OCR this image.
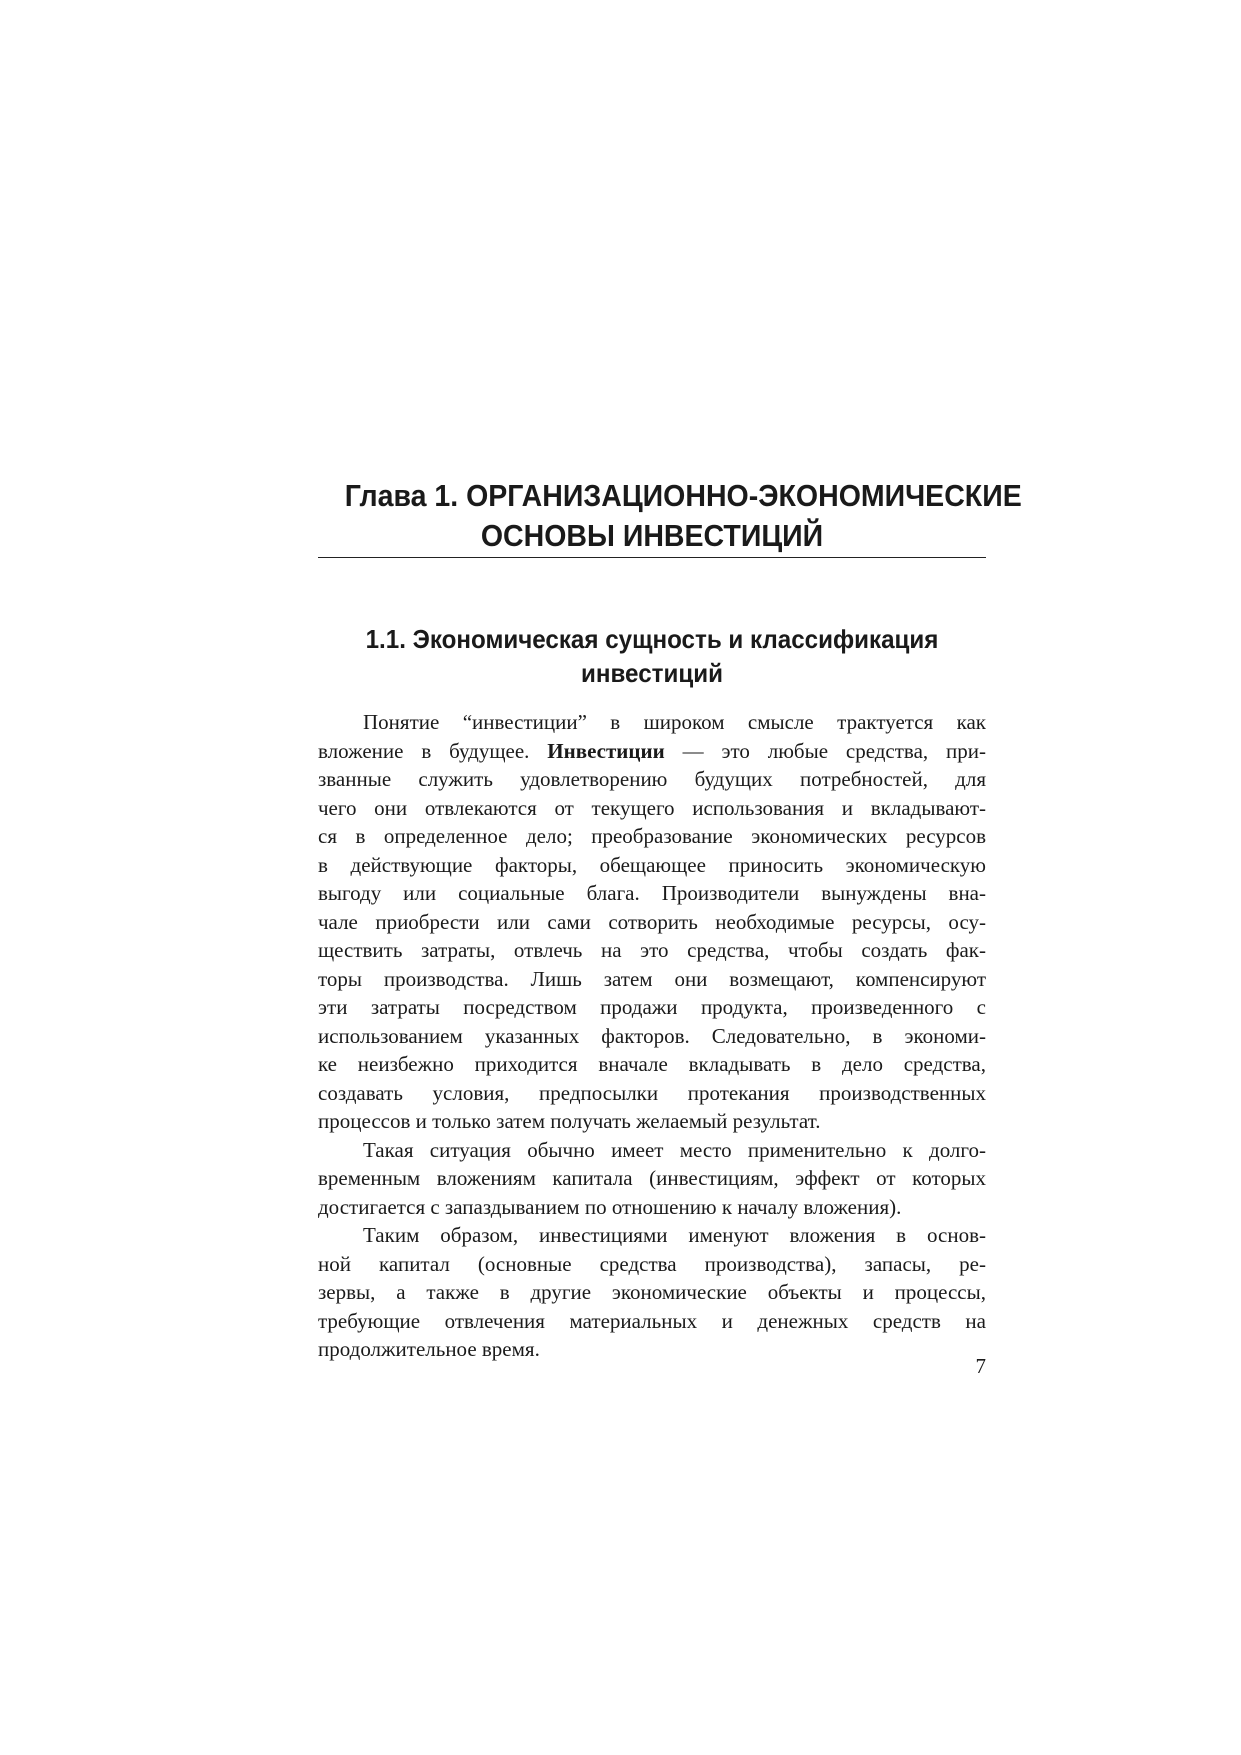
Глава 1. ОРГАНИЗАЦИОННО-ЭКОНОМИЧЕСКИЕ
ОСНОВЫ ИНВЕСТИЦИЙ
1.1. Экономическая сущность и классификация
инвестиций

Понятие “инвестиции” в широком смысле трактуется как
вложение в будущее. Инвестиции — это любые средства, при-
званные служить удовлетворению будущих потребностей, для
чего они отвлекаются от текущего использования и вкладывают-
ся в определенное дело; преобразование экономических ресурсов
в действующие факторы, обещающее приносить экономическую
выгоду или социальные блага. Производители вынуждены вна-
чале приобрести или сами сотворить необходимые ресурсы, осу-
ществить затраты, отвлечь на это средства, чтобы создать фак-
торы производства. Лишь затем они возмещают, компенсируют
эти затраты посредством продажи продукта, произведенного с
использованием указанных факторов. Следовательно, в экономи-
ке неизбежно приходится вначале вкладывать в дело средства,
создавать условия, предпосылки протекания производственных
процессов и только затем получать желаемый результат.

Такая ситуация обычно имеет место применительно к долго-
временным вложениям капитала (инвестициям, эффект от которых
достигается с запаздыванием по отношению к началу вложения).

Таким образом, инвестициями именуют вложения в основ-
ной капитал (основные средства производства), запасы, ре-
зервы, а также в другие экономические объекты и процессы,
требующие отвлечения материальных и денежных средств на
продолжительное время.

7
